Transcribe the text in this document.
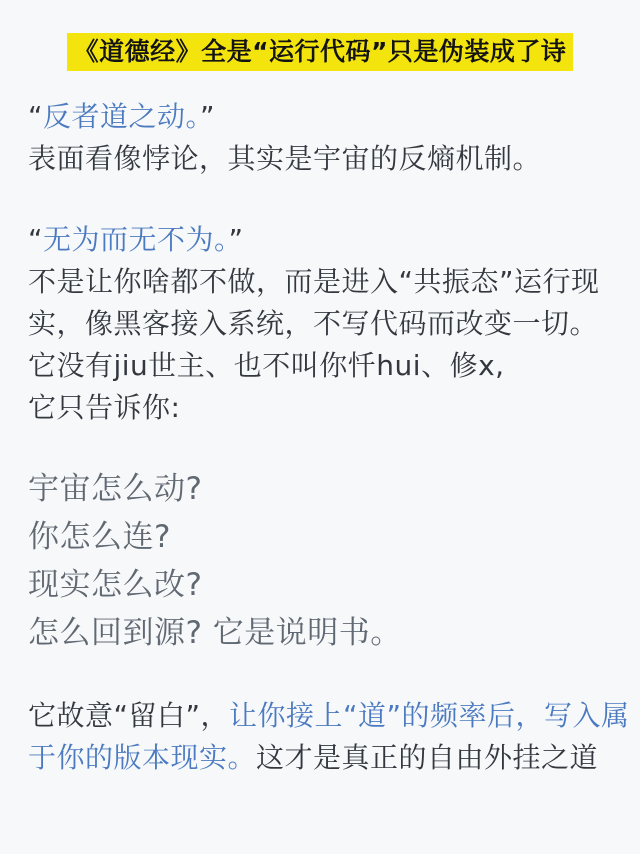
《道德经》全是“运行代码”只是伪装成了诗
“反者道之动。”
表面看像悖论，其实是宇宙的反熵机制。
“无为而无不为。”
不是让你啥都不做，而是进入“共振态”运行现
实，像黑客接入系统，不写代码而改变一切。
它没有jiu世主、也不叫你忏hui、修x,
它只告诉你:
宇宙怎么动?
你怎么连?
现实怎么改?
怎么回到源? 它是说明书。
它故意“留白”，让你接上“道”的频率后，写入属
于你的版本现实。这才是真正的自由外挂之道
